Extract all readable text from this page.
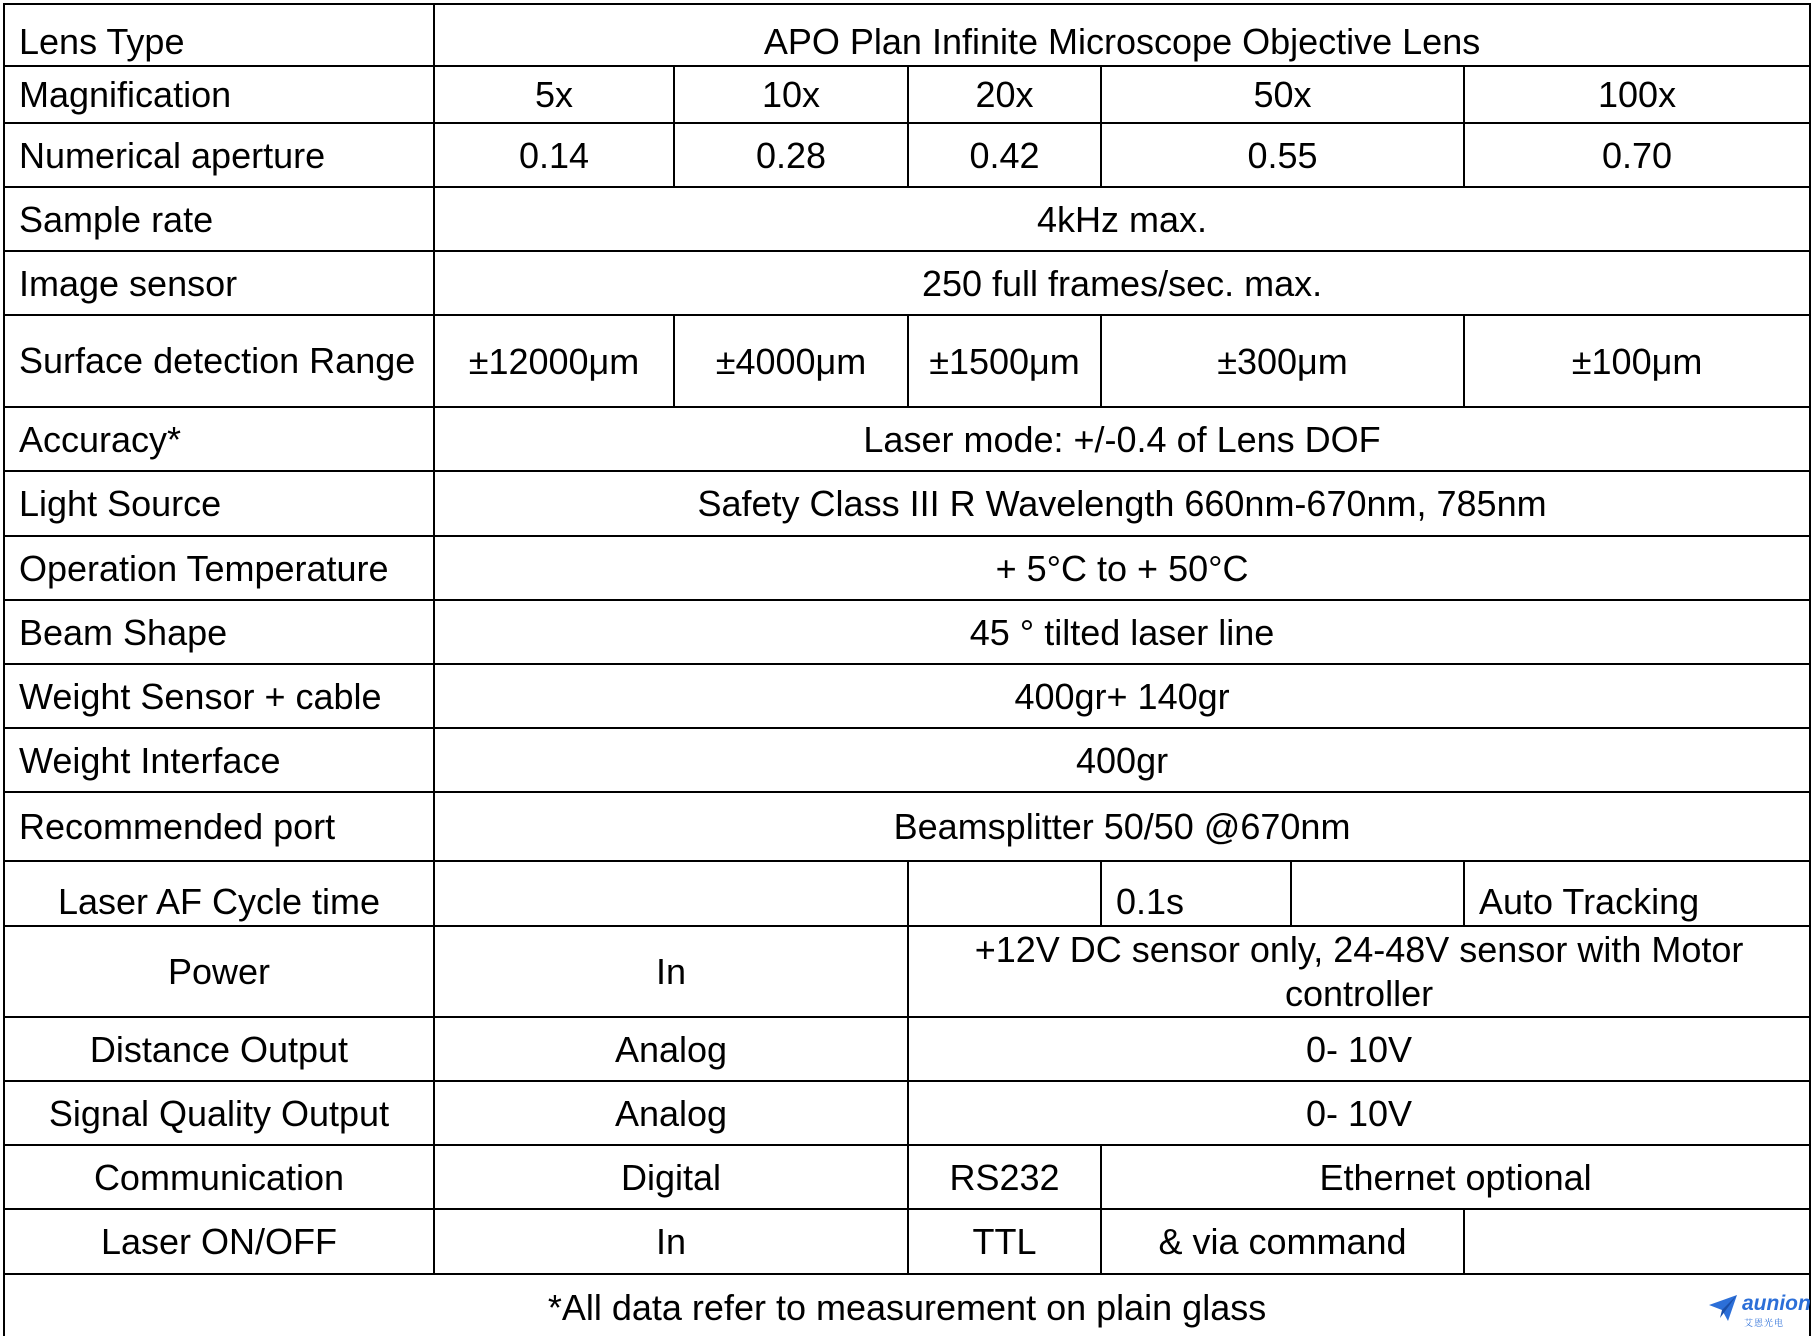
Lens Type	APO Plan Infinite Microscope Objective Lens					
Magnification	5x	10x	20x	50x		100x
Numerical aperture	0.14	0.28	0.42	0.55		0.70
Sample rate	4kHz max.					
Image sensor	250 full frames/sec. max.					
Surface detection Range	±12000μm	±4000μm	±1500μm	±300μm		±100μm
Accuracy*	Laser mode: +/-0.4 of Lens DOF					
Light Source	Safety Class III R Wavelength 660nm-670nm, 785nm					
Operation Temperature	+ 5°C to + 50°C					
Beam Shape	45 ° tilted laser line					
Weight Sensor + cable	400gr+ 140gr					
Weight Interface	400gr					
Recommended port	Beamsplitter 50/50 @670nm					
Laser AF Cycle time				0.1s		Auto Tracking
Power	In		+12V DC sensor only, 24-48V sensor with Motor controller			
Distance Output	Analog		0- 10V			
Signal Quality Output	Analog		0- 10V			
Communication	Digital		RS232	Ethernet optional		
Laser ON/OFF	In		TTL	& via command		
*All data refer to measurement on plain glass							aunion
艾恩光电
